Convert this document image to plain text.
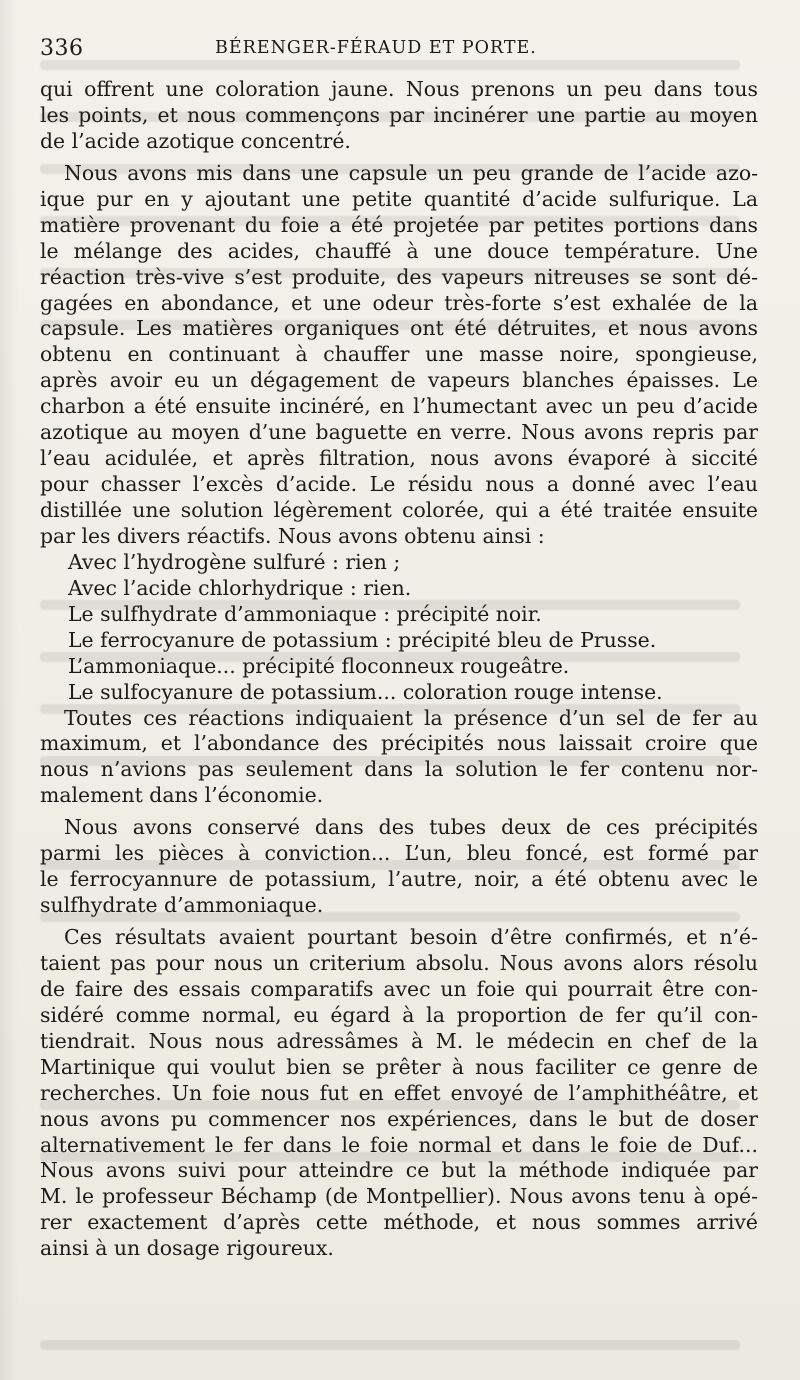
336	BÉRENGER-FÉRAUD ET PORTE.
qui offrent une coloration jaune. Nous prenons un peu dans tous
les points, et nous commençons par incinérer une partie au moyen
de l’acide azotique concentré.
Nous avons mis dans une capsule un peu grande de l’acide azo-
ique pur en y ajoutant une petite quantité d’acide sulfurique. La
matière provenant du foie a été projetée par petites portions dans
le mélange des acides, chauffé à une douce température. Une
réaction très-vive s’est produite, des vapeurs nitreuses se sont dé-
gagées en abondance, et une odeur très-forte s’est exhalée de la
capsule. Les matières organiques ont été détruites, et nous avons
obtenu en continuant à chauffer une masse noire, spongieuse,
après avoir eu un dégagement de vapeurs blanches épaisses. Le
charbon a été ensuite incinéré, en l’humectant avec un peu d’acide
azotique au moyen d’une baguette en verre. Nous avons repris par
l’eau acidulée, et après filtration, nous avons évaporé à siccité
pour chasser l’excès d’acide. Le résidu nous a donné avec l’eau
distillée une solution légèrement colorée, qui a été traitée ensuite
par les divers réactifs. Nous avons obtenu ainsi :
Avec l’hydrogène sulfuré : rien ;
Avec l’acide chlorhydrique : rien.
Le sulfhydrate d’ammoniaque : précipité noir.
Le ferrocyanure de potassium : précipité bleu de Prusse.
L’ammoniaque... précipité floconneux rougeâtre.
Le sulfocyanure de potassium... coloration rouge intense.
Toutes ces réactions indiquaient la présence d’un sel de fer au
maximum, et l’abondance des précipités nous laissait croire que
nous n’avions pas seulement dans la solution le fer contenu nor-
malement dans l’économie.
Nous avons conservé dans des tubes deux de ces précipités
parmi les pièces à conviction... L’un, bleu foncé, est formé par
le ferrocyannure de potassium, l’autre, noir, a été obtenu avec le
sulfhydrate d’ammoniaque.
Ces résultats avaient pourtant besoin d’être confirmés, et n’é-
taient pas pour nous un criterium absolu. Nous avons alors résolu
de faire des essais comparatifs avec un foie qui pourrait être con-
sidéré comme normal, eu égard à la proportion de fer qu’il con-
tiendrait. Nous nous adressâmes à M. le médecin en chef de la
Martinique qui voulut bien se prêter à nous faciliter ce genre de
recherches. Un foie nous fut en effet envoyé de l’amphithéâtre, et
nous avons pu commencer nos expériences, dans le but de doser
alternativement le fer dans le foie normal et dans le foie de Duf...
Nous avons suivi pour atteindre ce but la méthode indiquée par
M. le professeur Béchamp (de Montpellier). Nous avons tenu à opé-
rer exactement d’après cette méthode, et nous sommes arrivé
ainsi à un dosage rigoureux.
